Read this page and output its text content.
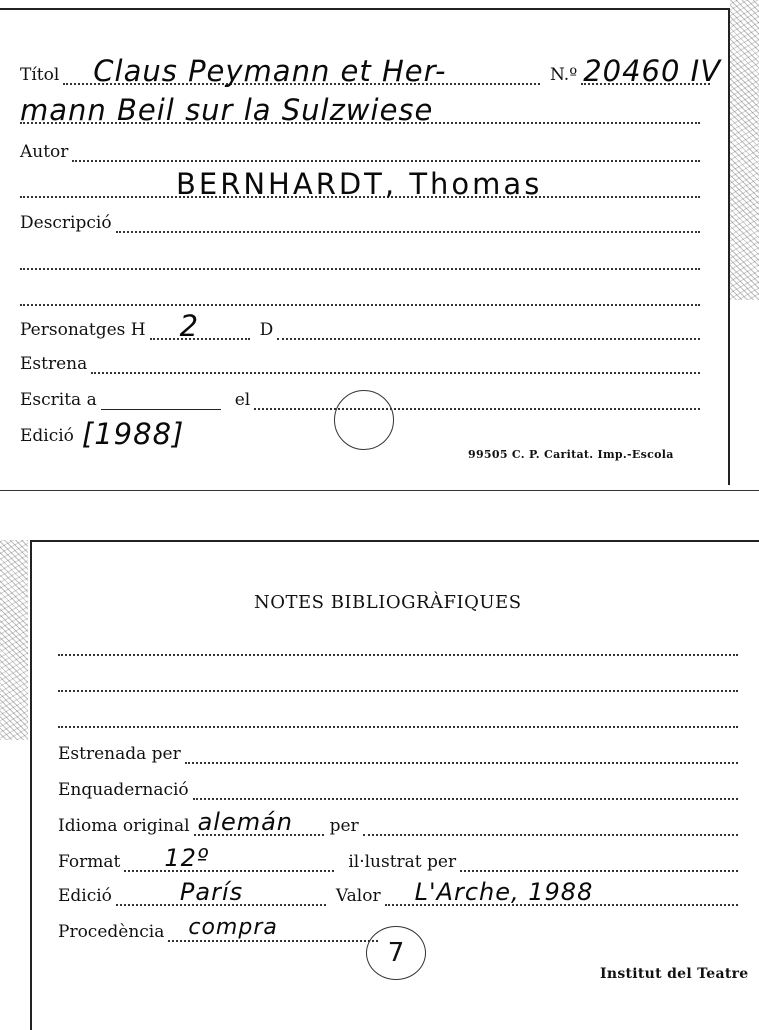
Títol Claus Peymann et Her-	N.º 20460 IV
mann Beil sur la Sulzwiese
Autor
BERNHARDT, Thomas
Descripció
Personatges H 2	D
Estrena
Escrita a	el
Edició [1988]
99505 C. P. Caritat. Imp.-Escola
NOTES BIBLIOGRÀFIQUES
Estrenada per
Enquadernació
Idioma original alemán	per
Format 12º	il·lustrat per
Edició	París	Valor L'Arche, 1988
Procedència compra
7
Institut del Teatre
